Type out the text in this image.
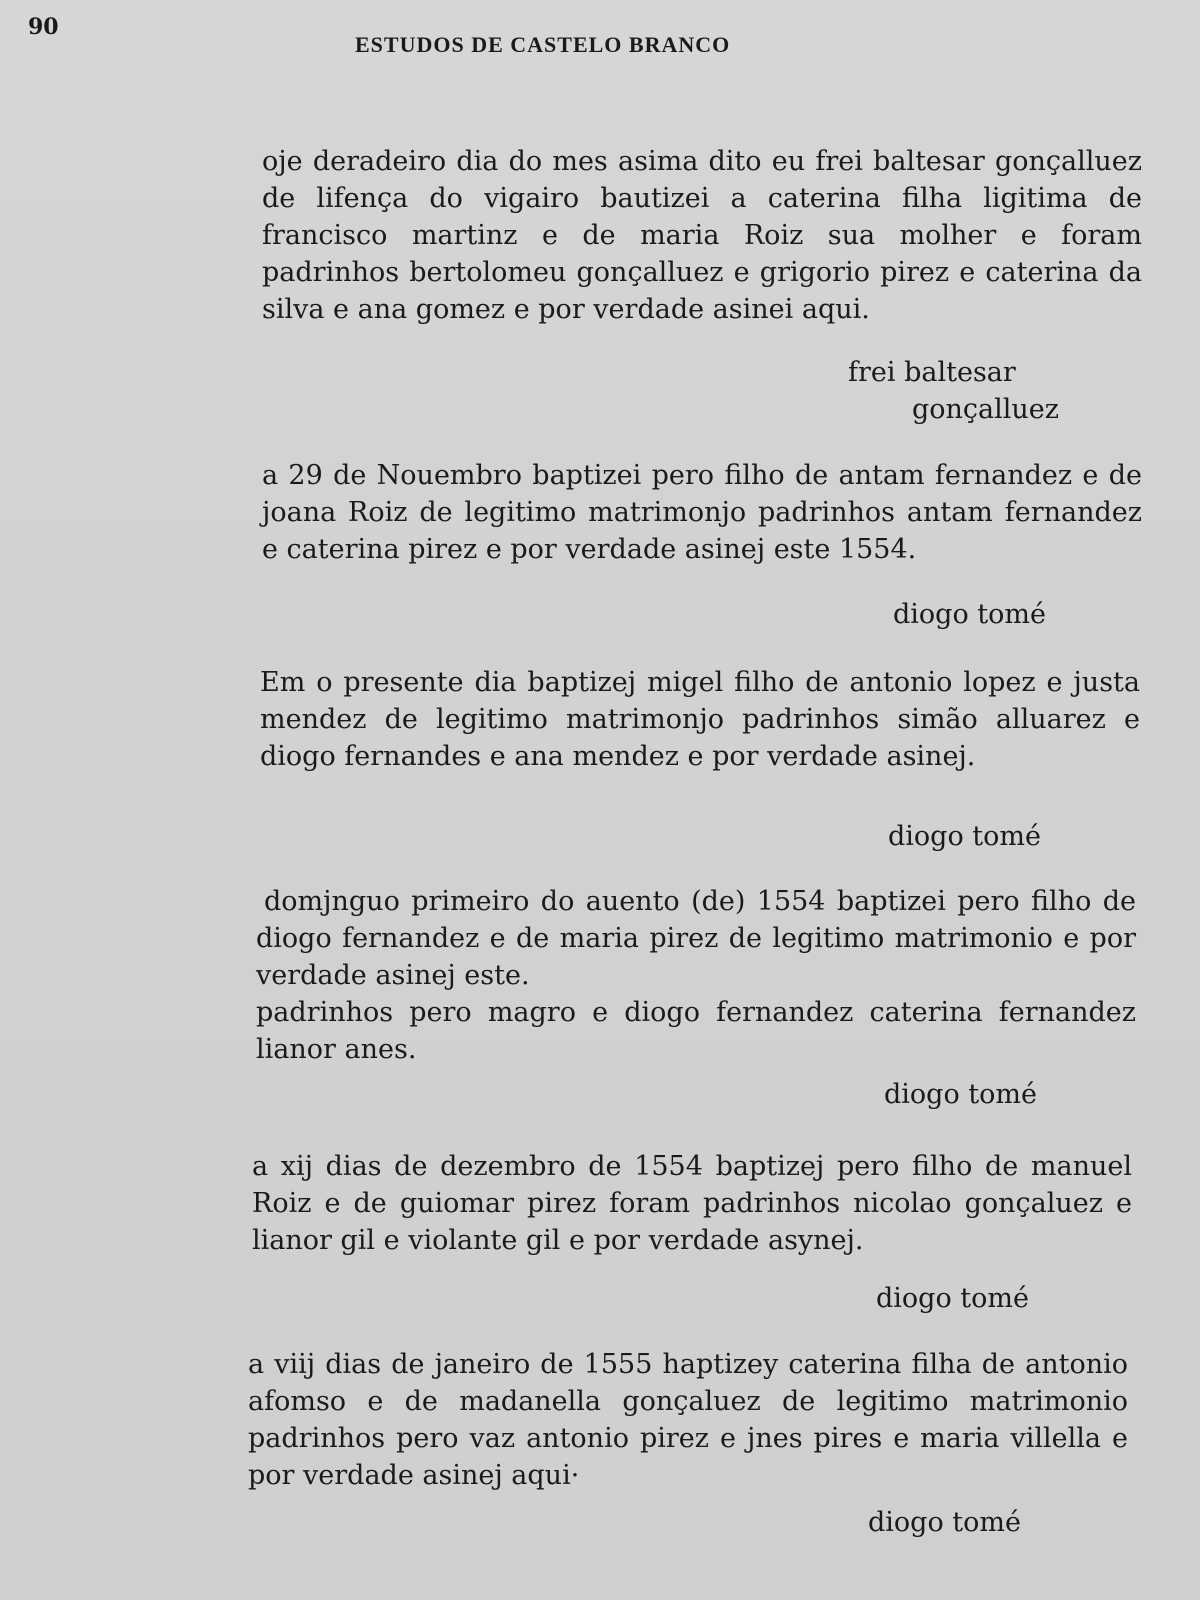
90
ESTUDOS DE CASTELO BRANCO

oje deradeiro dia do mes asima dito eu frei baltesar gonçalluez de lifença do vigairo bautizei a caterina filha ligitima de francisco martinz e de maria Roiz sua molher e foram padrinhos bertolomeu gonçalluez e grigorio pirez e caterina da silva e ana gomez e por verdade asinei aqui.

frei baltesar
gonçalluez

a 29 de Nouembro baptizei pero filho de antam fernandez e de joana Roiz de legitimo matrimonjo padrinhos antam fernandez e caterina pirez e por verdade asinej este 1554.

diogo tomé

Em o presente dia baptizej migel filho de antonio lopez e justa mendez de legitimo matrimonjo padrinhos simão alluarez e diogo fernandes e ana mendez e por verdade asinej.

diogo tomé

domjnguo primeiro do auento (de) 1554 baptizei pero filho de diogo fernandez e de maria pirez de legitimo matrimonio e por verdade asinej este.

padrinhos pero magro e diogo fernandez caterina fernandez lianor anes.

diogo tomé

a xij dias de dezembro de 1554 baptizej pero filho de manuel Roiz e de guiomar pirez foram padrinhos nicolao gonçaluez e lianor gil e violante gil e por verdade asynej.

diogo tomé

a viij dias de janeiro de 1555 haptizey caterina filha de antonio afomso e de madanella gonçaluez de legitimo matrimonio padrinhos pero vaz antonio pirez e jnes pires e maria villella e por verdade asinej aqui·

diogo tomé
